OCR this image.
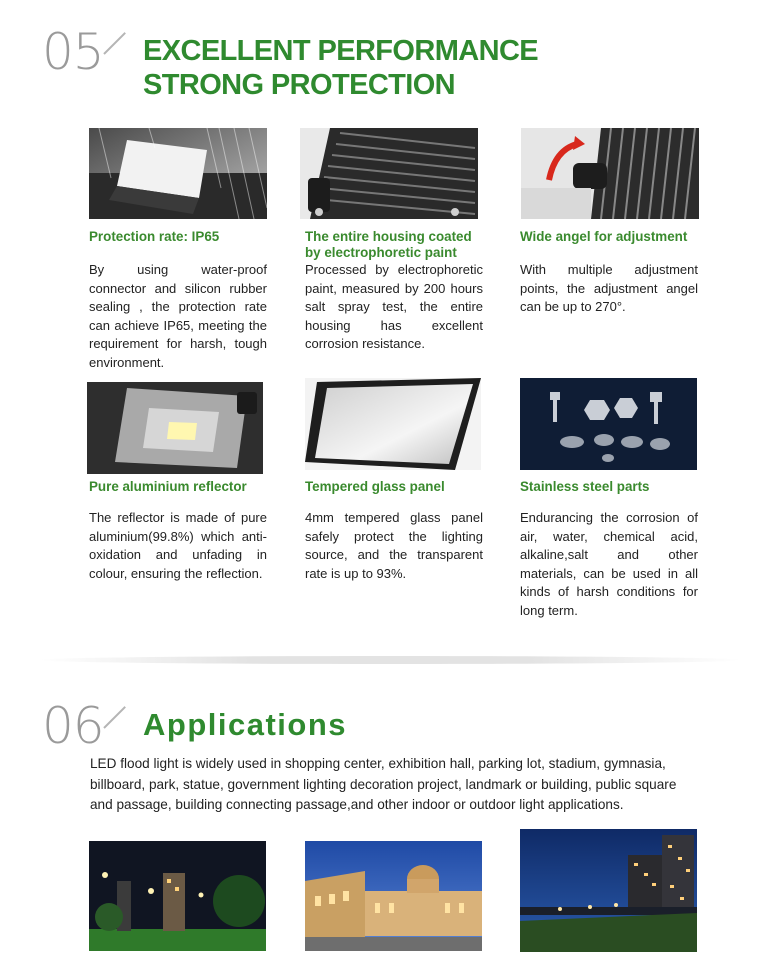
05 EXCELLENT PERFORMANCE
STRONG PROTECTION
Protection rate: IP65
By using water-proof connector and silicon rubber sealing , the protection rate can achieve IP65, meeting the requirement for harsh, tough environment.
The entire housing coated by electrophoretic paint
Processed by electrophoretic paint, measured by 200 hours salt spray test, the entire housing has excellent corrosion resistance.
Wide angel for adjustment
With multiple adjustment points, the adjustment angel can be up to 270°.
Pure aluminium reflector
The reflector is made of pure aluminium(99.8%) which anti-oxidation and unfading in colour, ensuring the reflection.
Tempered glass panel
4mm tempered glass panel safely protect the lighting source, and the transparent rate is up to 93%.
Stainless steel parts
Endurancing the corrosion of air, water, chemical acid, alkaline,salt and other materials, can be used in all kinds of harsh conditions for long term.
06 Applications
LED flood light is widely used in shopping center, exhibition hall, parking lot, stadium, gymnasia, billboard, park, statue, government lighting decoration project, landmark or building, public square and passage, building connecting passage,and other indoor or outdoor light applications.
